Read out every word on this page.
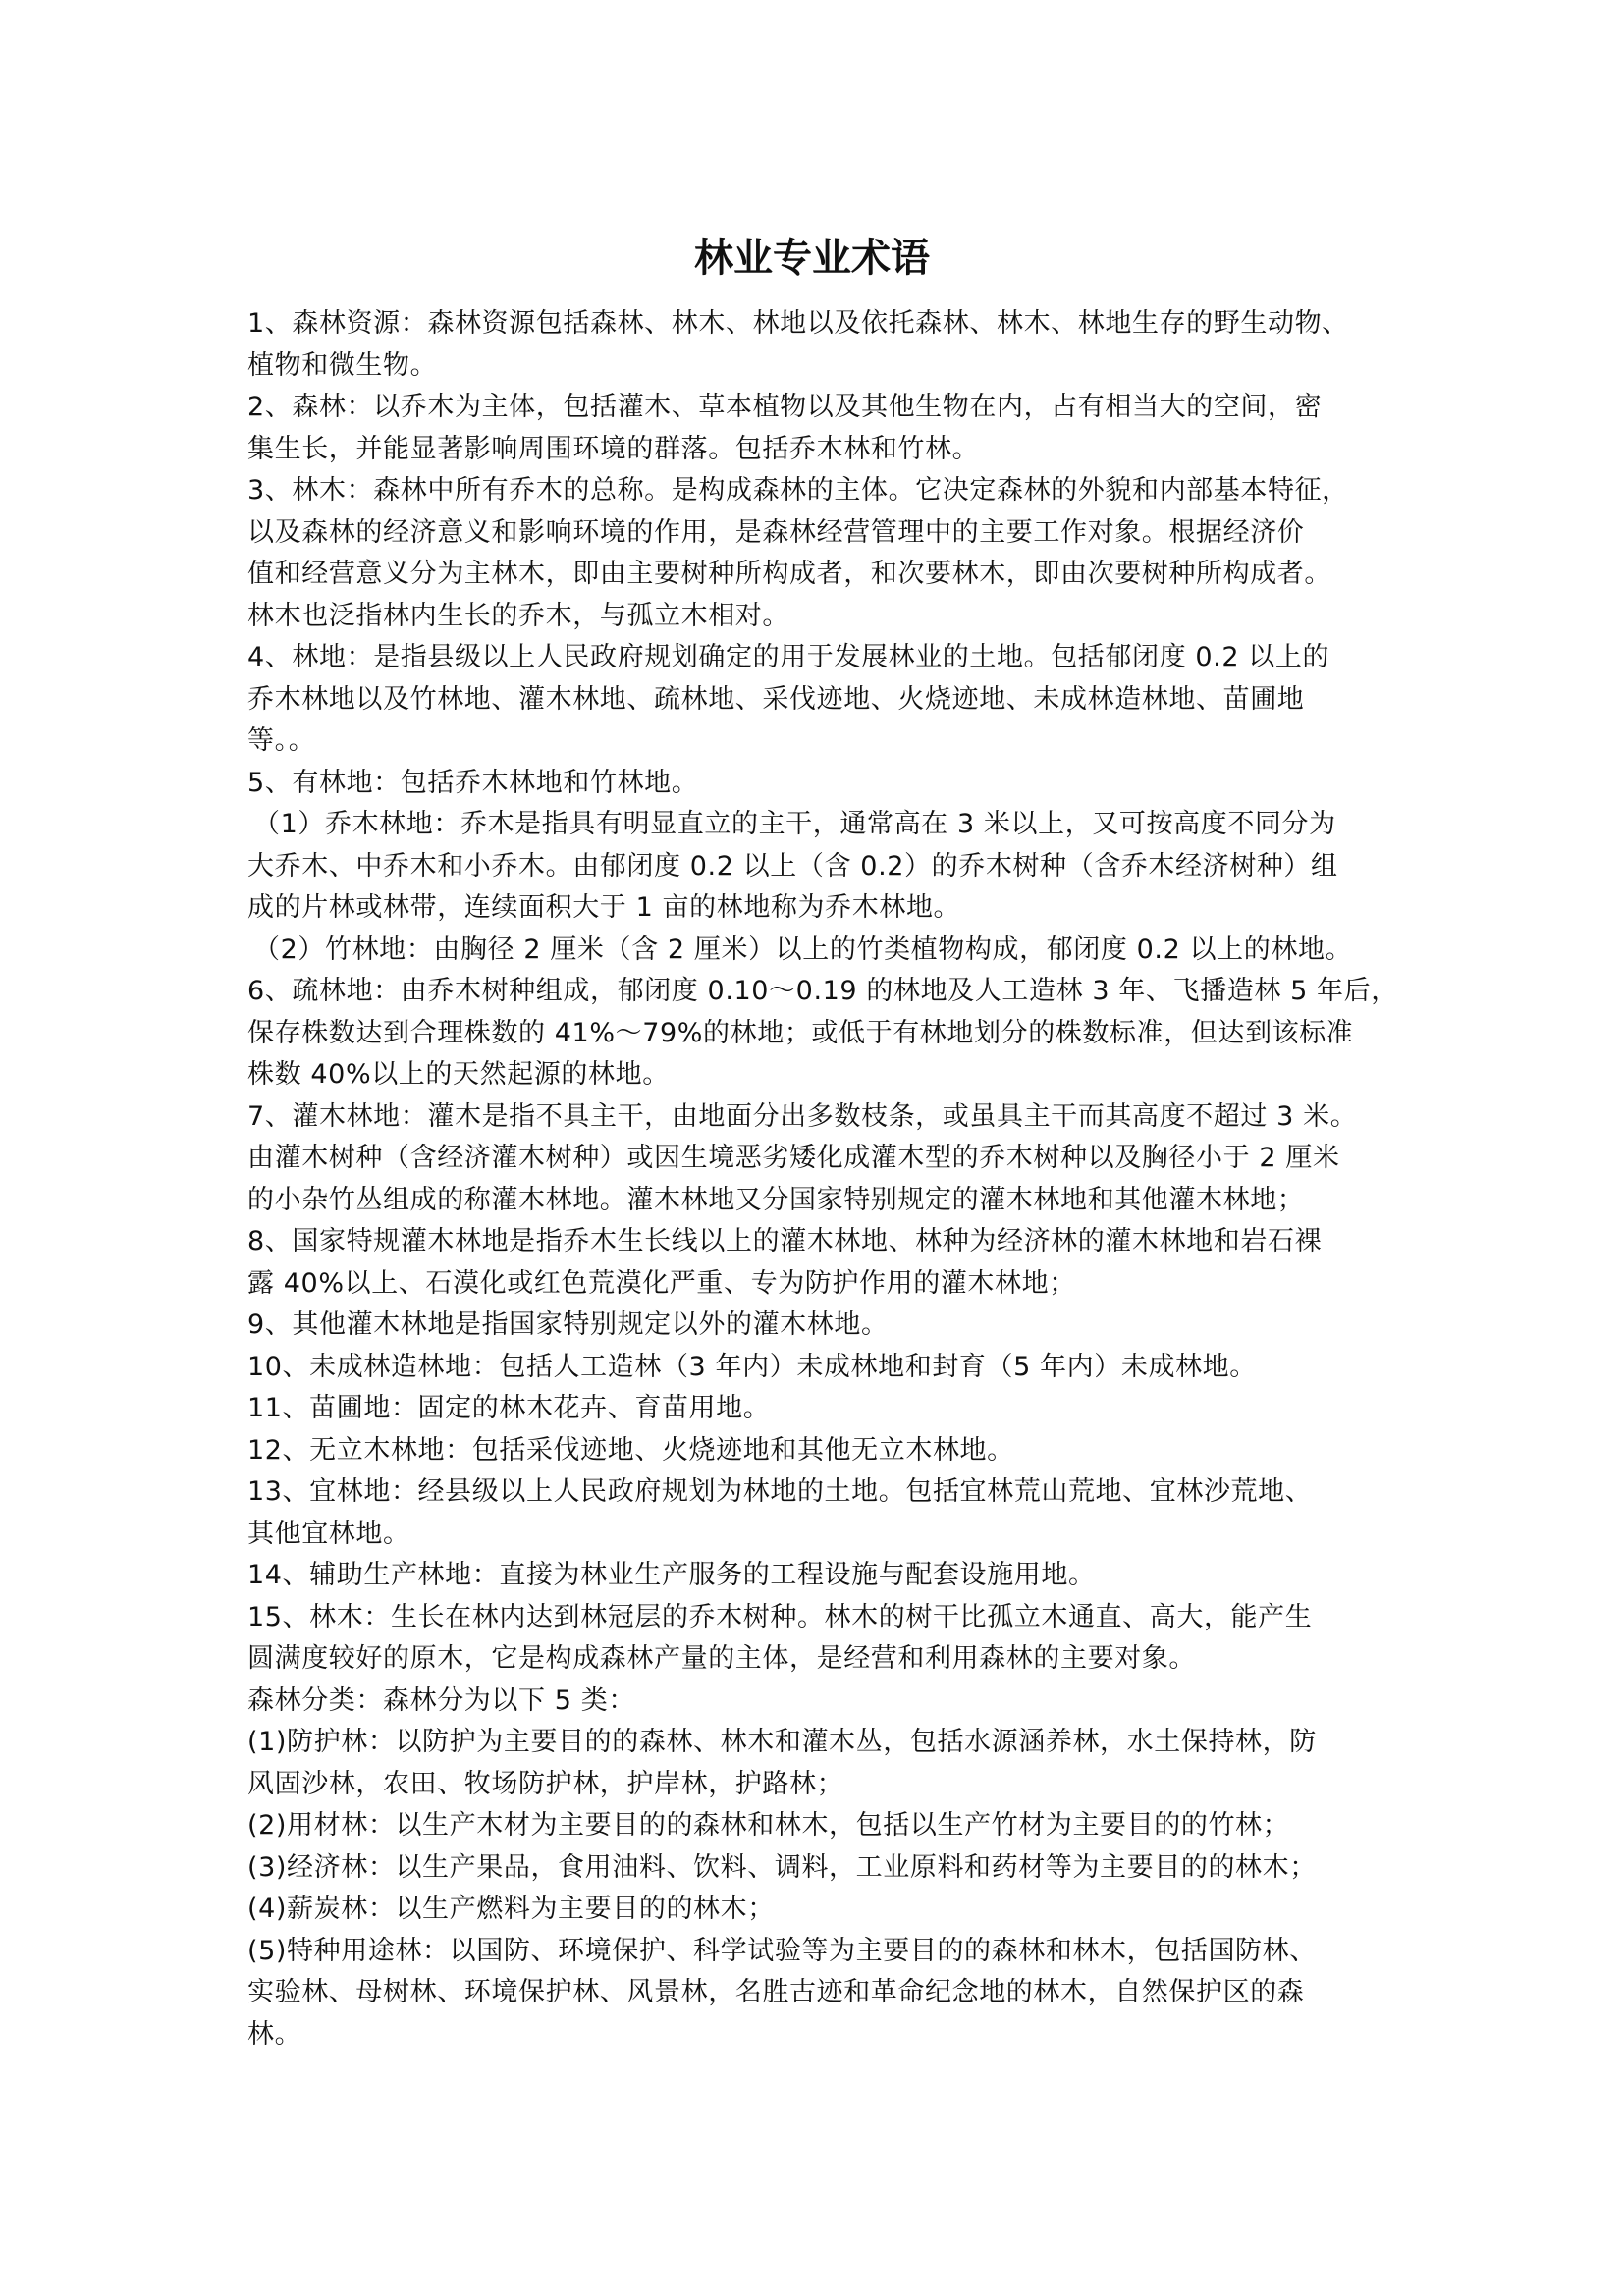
林业专业术语
1、森林资源：森林资源包括森林、林木、林地以及依托森林、林木、林地生存的野生动物、
植物和微生物。
2、森林：以乔木为主体，包括灌木、草本植物以及其他生物在内，占有相当大的空间，密
集生长，并能显著影响周围环境的群落。包括乔木林和竹林。
3、林木：森林中所有乔木的总称。是构成森林的主体。它决定森林的外貌和内部基本特征，
以及森林的经济意义和影响环境的作用，是森林经营管理中的主要工作对象。根据经济价
值和经营意义分为主林木，即由主要树种所构成者，和次要林木，即由次要树种所构成者。
林木也泛指林内生长的乔木，与孤立木相对。
4、林地：是指县级以上人民政府规划确定的用于发展林业的土地。包括郁闭度 0.2 以上的
乔木林地以及竹林地、灌木林地、疏林地、采伐迹地、火烧迹地、未成林造林地、苗圃地
等。。
5、有林地：包括乔木林地和竹林地。
（1）乔木林地：乔木是指具有明显直立的主干，通常高在 3 米以上，又可按高度不同分为
大乔木、中乔木和小乔木。由郁闭度 0.2 以上（含 0.2）的乔木树种（含乔木经济树种）组
成的片林或林带，连续面积大于 1 亩的林地称为乔木林地。
（2）竹林地：由胸径 2 厘米（含 2 厘米）以上的竹类植物构成，郁闭度 0.2 以上的林地。
6、疏林地：由乔木树种组成，郁闭度 0.10～0.19 的林地及人工造林 3 年、飞播造林 5 年后，
保存株数达到合理株数的 41%～79%的林地；或低于有林地划分的株数标准，但达到该标准
株数 40%以上的天然起源的林地。
7、灌木林地：灌木是指不具主干，由地面分出多数枝条，或虽具主干而其高度不超过 3 米。
由灌木树种（含经济灌木树种）或因生境恶劣矮化成灌木型的乔木树种以及胸径小于 2 厘米
的小杂竹丛组成的称灌木林地。灌木林地又分国家特别规定的灌木林地和其他灌木林地；
8、国家特规灌木林地是指乔木生长线以上的灌木林地、林种为经济林的灌木林地和岩石裸
露 40%以上、石漠化或红色荒漠化严重、专为防护作用的灌木林地；
9、其他灌木林地是指国家特别规定以外的灌木林地。
10、未成林造林地：包括人工造林（3 年内）未成林地和封育（5 年内）未成林地。
11、苗圃地：固定的林木花卉、育苗用地。
12、无立木林地：包括采伐迹地、火烧迹地和其他无立木林地。
13、宜林地：经县级以上人民政府规划为林地的土地。包括宜林荒山荒地、宜林沙荒地、
其他宜林地。
14、辅助生产林地：直接为林业生产服务的工程设施与配套设施用地。
15、林木：生长在林内达到林冠层的乔木树种。林木的树干比孤立木通直、高大，能产生
圆满度较好的原木，它是构成森林产量的主体，是经营和利用森林的主要对象。
森林分类：森林分为以下 5 类：
(1)防护林：以防护为主要目的的森林、林木和灌木丛，包括水源涵养林，水土保持林，防
风固沙林，农田、牧场防护林，护岸林，护路林；
(2)用材林：以生产木材为主要目的的森林和林木，包括以生产竹材为主要目的的竹林；
(3)经济林：以生产果品，食用油料、饮料、调料，工业原料和药材等为主要目的的林木；
(4)薪炭林：以生产燃料为主要目的的林木；
(5)特种用途林：以国防、环境保护、科学试验等为主要目的的森林和林木，包括国防林、
实验林、母树林、环境保护林、风景林，名胜古迹和革命纪念地的林木，自然保护区的森
林。
